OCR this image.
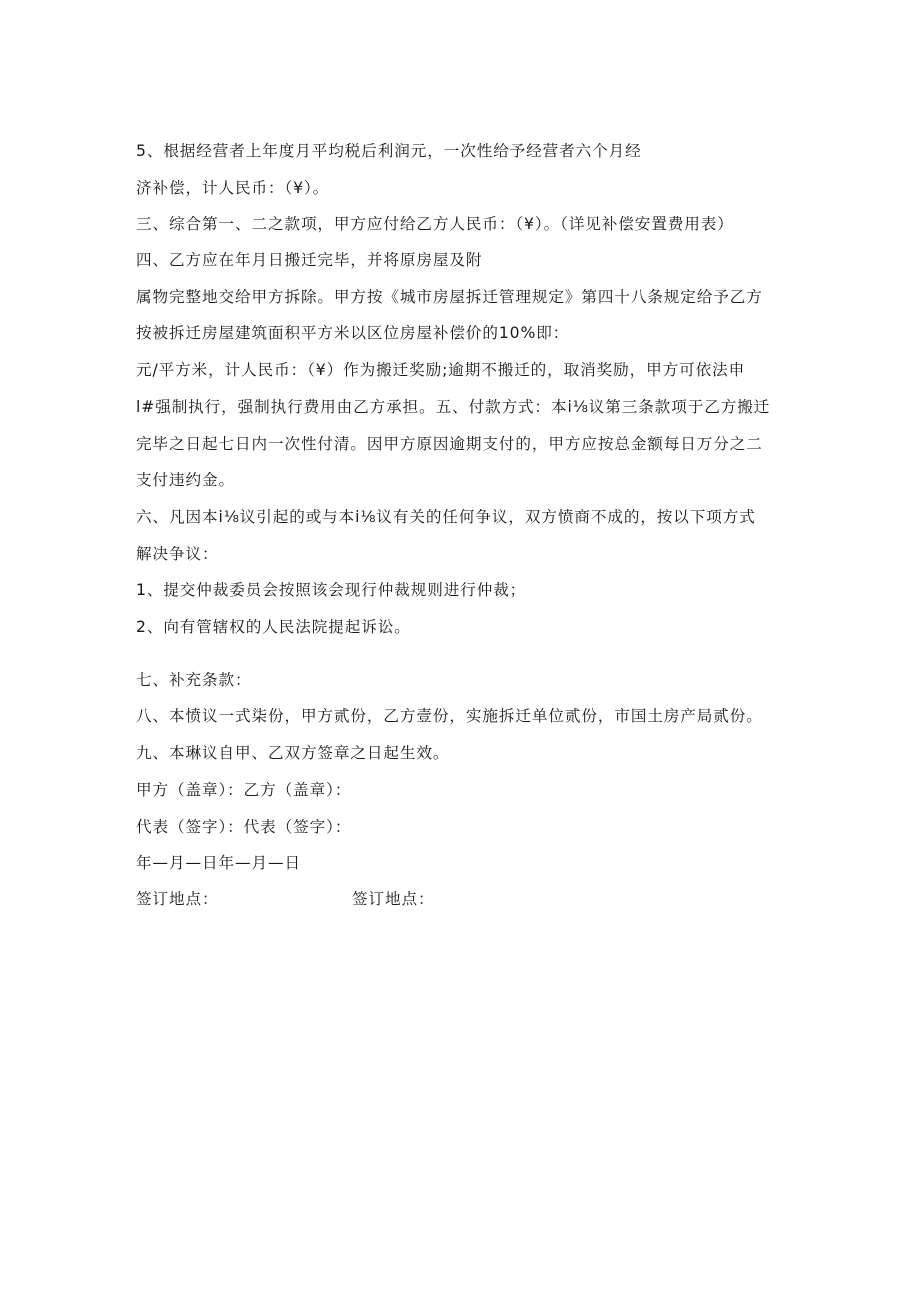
5、根据经营者上年度月平均税后利润元，一次性给予经营者六个月经
济补偿，计人民币：（¥）。
三、综合第一、二之款项，甲方应付给乙方人民币：（¥）。（详见补偿安置费用表）
四、乙方应在年月日搬迁完毕，并将原房屋及附
属物完整地交给甲方拆除。甲方按《城市房屋拆迁管理规定》第四十八条规定给予乙方
按被拆迁房屋建筑面积平方米以区位房屋补偿价的10%即：
元/平方米，计人民币：（¥）作为搬迁奖励;逾期不搬迁的，取消奖励，甲方可依法申
l#强制执行，强制执行费用由乙方承担。五、付款方式：本i⅛议第三条款项于乙方搬迁
完毕之日起七日内一次性付清。因甲方原因逾期支付的，甲方应按总金额每日万分之二
支付违约金。
六、凡因本i⅛议引起的或与本i⅛议有关的任何争议，双方愤商不成的，按以下项方式
解决争议：
1、提交仲裁委员会按照该会现行仲裁规则进行仲裁；
2、向有管辖权的人民法院提起诉讼。
七、补充条款：
八、本愤议一式柒份，甲方贰份，乙方壹份，实施拆迁单位贰份，市国土房产局贰份。
九、本琳议自甲、乙双方签章之日起生效。
甲方（盖章）：乙方（盖章）：
代表（签字）：代表（签字）：
年—月—日年—月—日
签订地点：	签订地点：
